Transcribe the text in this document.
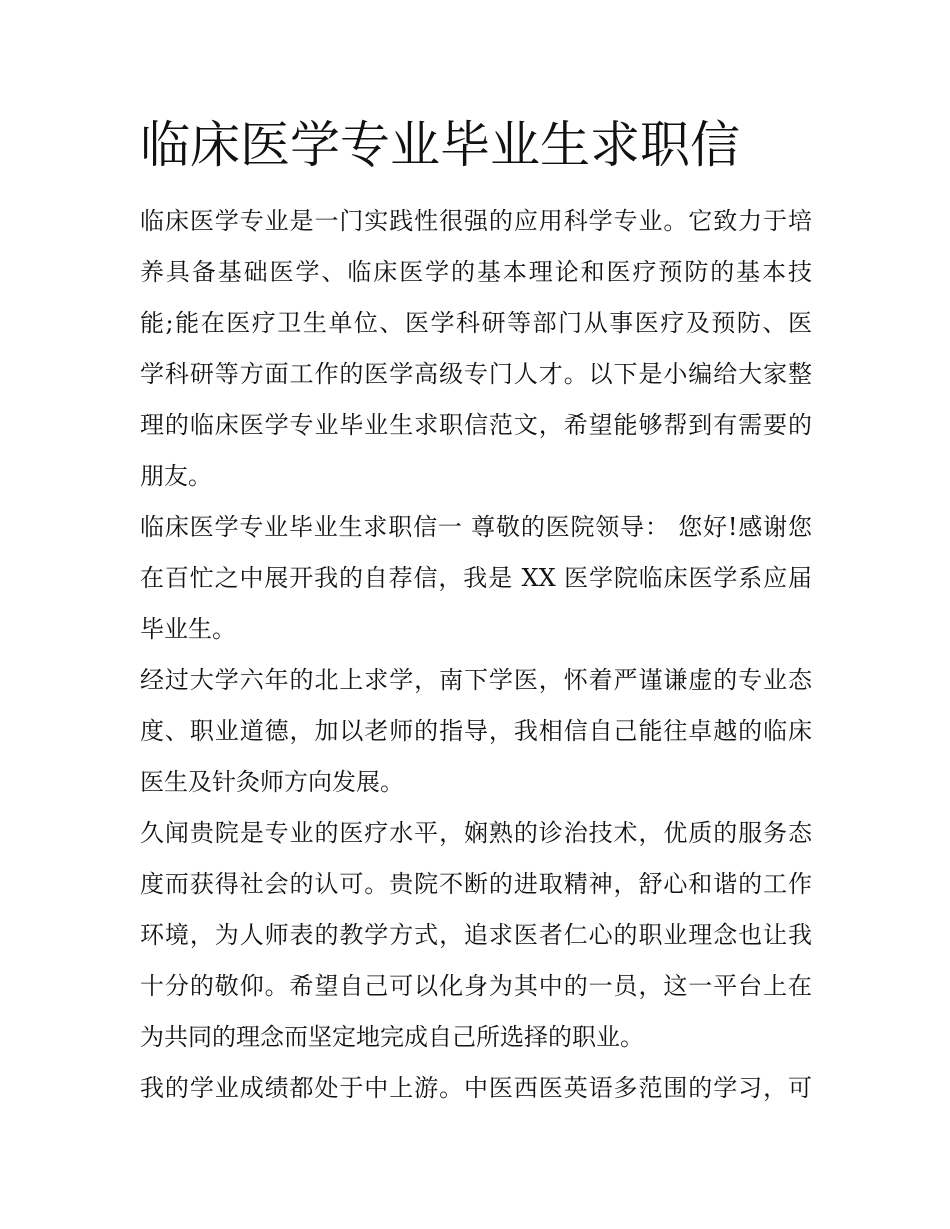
临床医学专业毕业生求职信
临床医学专业是一门实践性很强的应用科学专业。它致力于培
养具备基础医学、临床医学的基本理论和医疗预防的基本技
能;能在医疗卫生单位、医学科研等部门从事医疗及预防、医
学科研等方面工作的医学高级专门人才。以下是小编给大家整
理的临床医学专业毕业生求职信范文，希望能够帮到有需要的
朋友。
临床医学专业毕业生求职信一 尊敬的医院领导： 您好!感谢您
在百忙之中展开我的自荐信，我是 XX 医学院临床医学系应届
毕业生。
经过大学六年的北上求学，南下学医，怀着严谨谦虚的专业态
度、职业道德，加以老师的指导，我相信自己能往卓越的临床
医生及针灸师方向发展。
久闻贵院是专业的医疗水平，娴熟的诊治技术，优质的服务态
度而获得社会的认可。贵院不断的进取精神，舒心和谐的工作
环境，为人师表的教学方式，追求医者仁心的职业理念也让我
十分的敬仰。希望自己可以化身为其中的一员，这一平台上在
为共同的理念而坚定地完成自己所选择的职业。
我的学业成绩都处于中上游。中医西医英语多范围的学习，可
